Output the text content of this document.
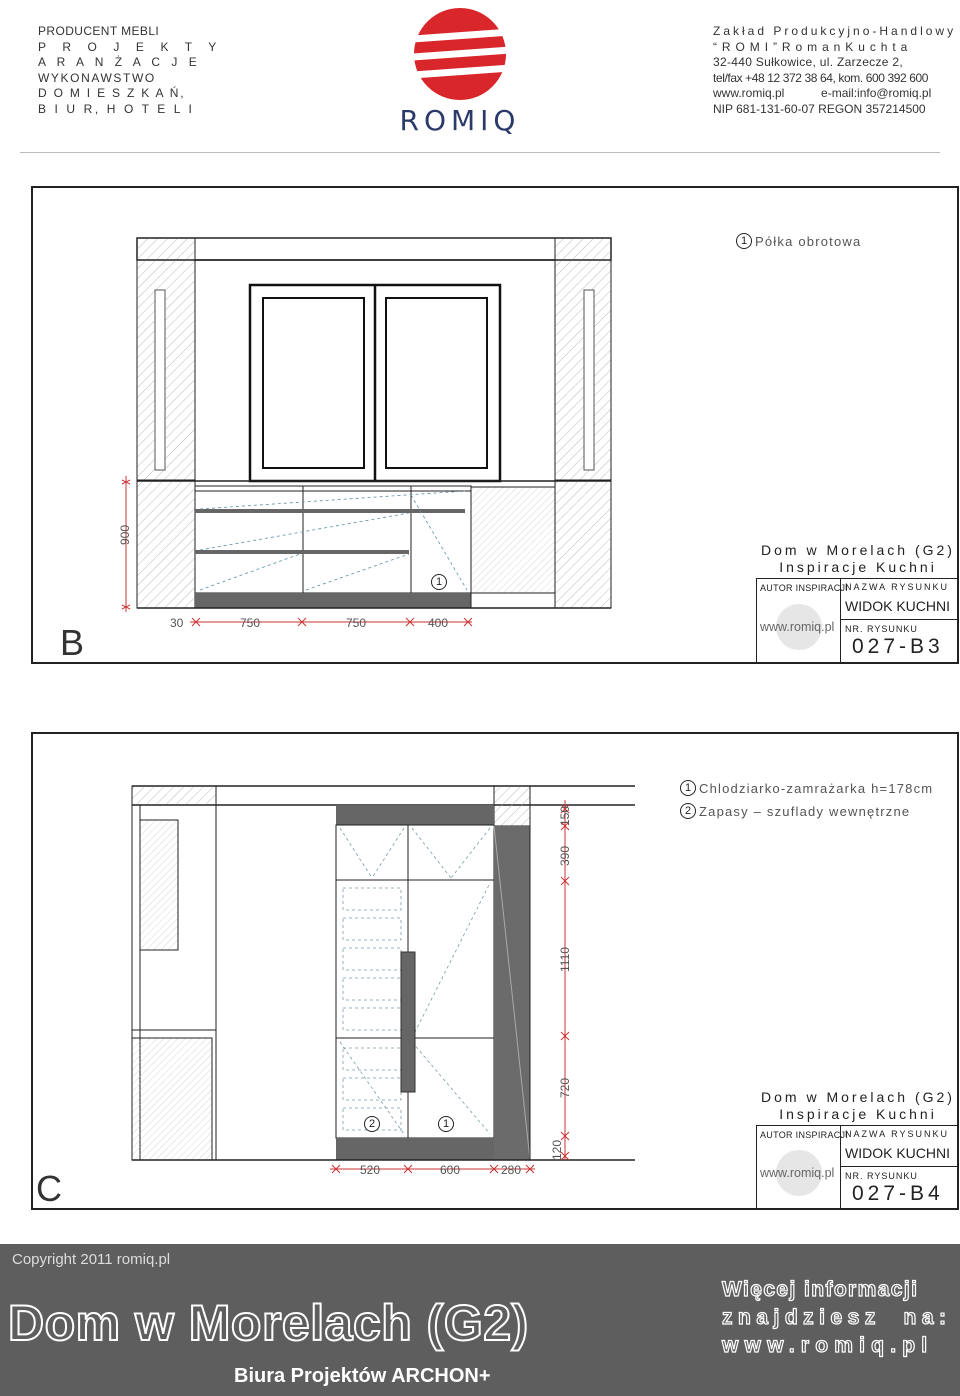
PRODUCENT MEBLI
P R O J E K T Y
A R A N Ż A C J E
WYKONAWSTWO
D O M I E S Z K A Ń,
B I U R, H O T E L I	ROMIQ
Zakład Produkcyjno-Handlowy
“ R O M I ” R o m a n K u c h t a
32-440 Sułkowice, ul. Zarzecze 2,
tel/fax +48 12 372 38 64, kom. 600 392 600
www.romiq.pl           e-mail:info@romiq.pl
NIP 681-131-60-07 REGON 357214500
900
30	750	750	400
1
1 Półka obrotowa
B
Dom w Morelach (G2)
Inspiracje Kuchni
AUTOR INSPIRACJI
NAZWA RYSUNKU
WIDOK KUCHNI
www.romiq.pl NR. RYSUNKU
027-B3
150
390
1110
720
120
520	600	280
2	1
1 Chlodziarko-zamrażarka h=178cm
2 Zapasy – szuflady wewnętrzne
C
Dom w Morelach (G2)
Inspiracje Kuchni
AUTOR INSPIRACJI
NAZWA RYSUNKU
WIDOK KUCHNI
www.romiq.pl NR. RYSUNKU
027-B4
Copyright 2011 romiq.pl
Dom w Morelach (G2)
Biura Projektów ARCHON+
Więcej informacji
znajdziesz  na:
www.romiq.pl
